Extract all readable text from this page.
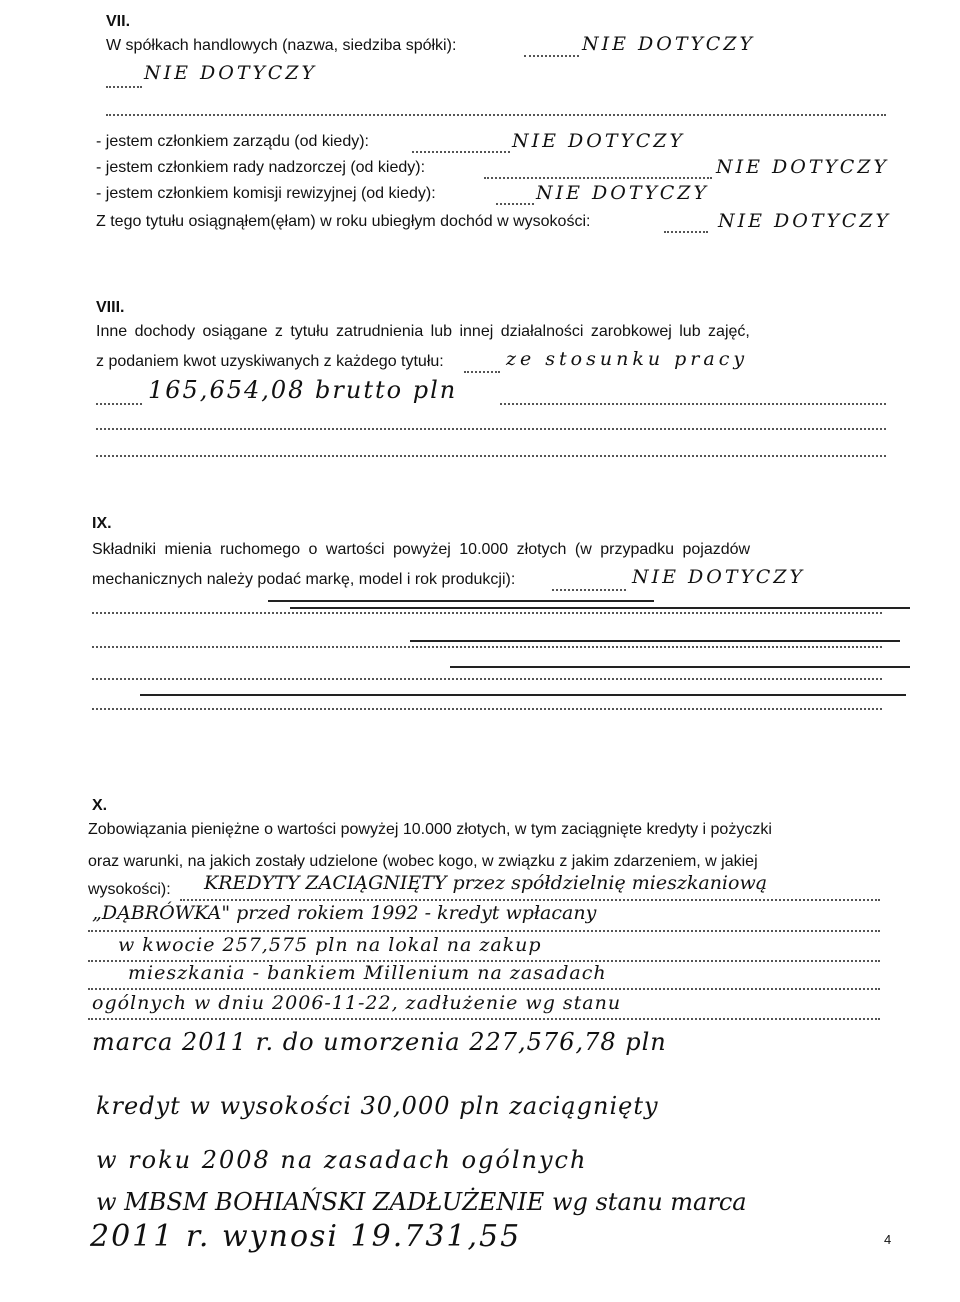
VII.
W spółkach handlowych (nazwa, siedziba spółki):	NIE DOTYCZY
NIE DOTYCZY
- jestem członkiem zarządu (od kiedy):	NIE DOTYCZY
- jestem członkiem rady nadzorczej (od kiedy):	NIE DOTYCZY
- jestem członkiem komisji rewizyjnej (od kiedy):	NIE DOTYCZY
Z tego tytułu osiągnąłem(ęłam) w roku ubiegłym dochód w wysokości:	NIE DOTYCZY
VIII.
Inne dochody osiągane z tytułu zatrudnienia lub innej działalności zarobkowej lub zajęć,
z podaniem kwot uzyskiwanych z każdego tytułu:	ze stosunku pracy
165,654,08 brutto pln
IX.
Składniki mienia ruchomego o wartości powyżej 10.000 złotych (w przypadku pojazdów
mechanicznych należy podać markę, model i rok produkcji):	NIE DOTYCZY
X.
Zobowiązania pieniężne o wartości powyżej 10.000 złotych, w tym zaciągnięte kredyty i pożyczki
oraz warunki, na jakich zostały udzielone (wobec kogo, w związku z jakim zdarzeniem, w jakiej
wysokości): KREDYTY ZACIĄGNIĘTY przez spółdzielnię mieszkaniową
„DĄBRÓWKA" przed rokiem 1992 - kredyt wpłacany
w kwocie 257,575 pln na lokal na zakup
mieszkania - bankiem Millenium na zasadach
ogólnych w dniu 2006-11-22, zadłużenie wg stanu
marca 2011 r. do umorzenia 227,576,78 pln
kredyt w wysokości 30,000 pln zaciągnięty
w roku 2008 na zasadach ogólnych
w MBSM BOHIAŃSKI ZADŁUŻENIE wg stanu marca
2011 r. wynosi 19.731,55	4
